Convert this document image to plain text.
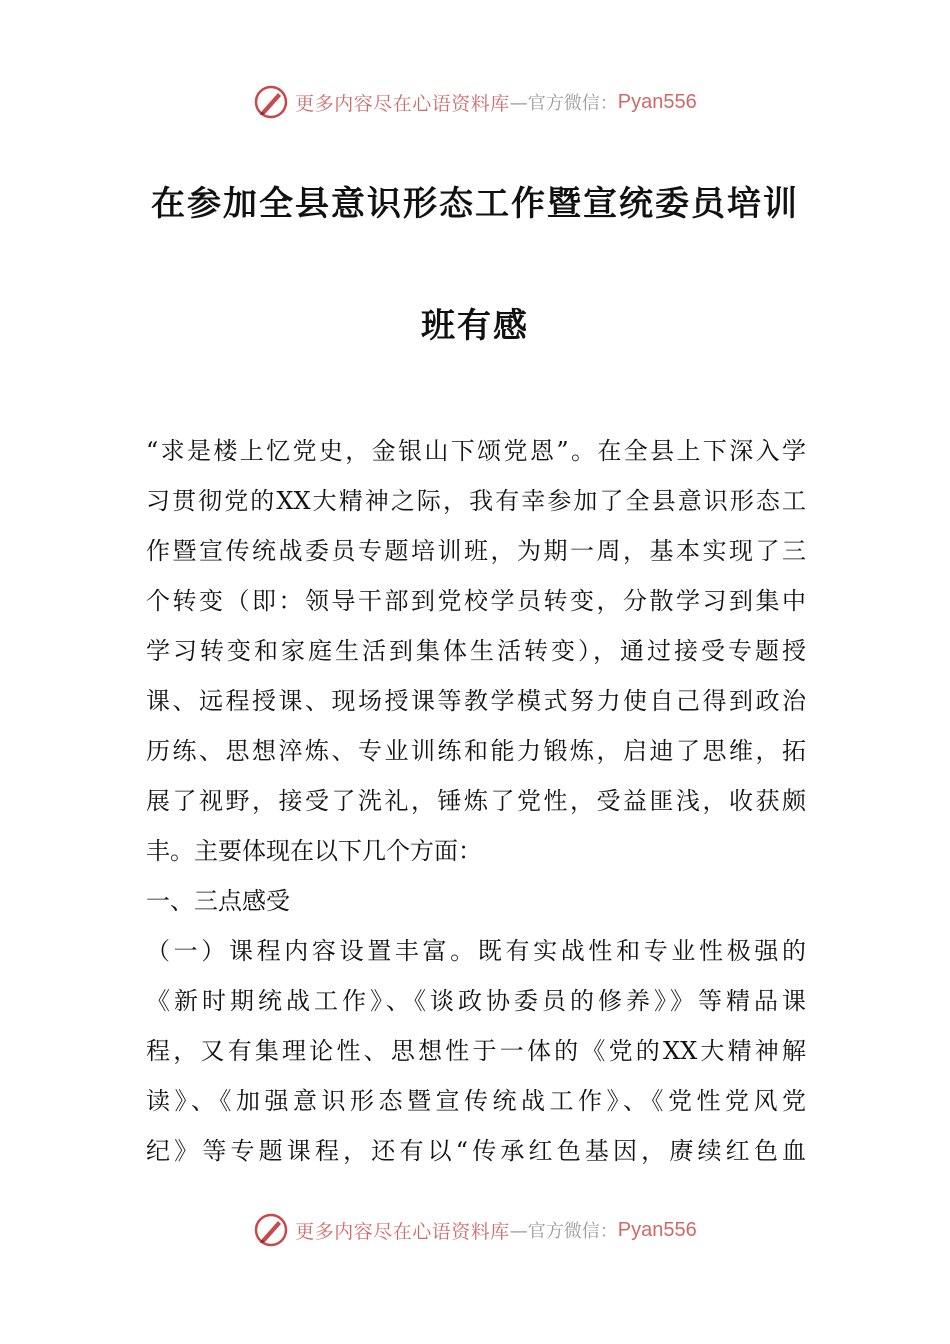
更多内容尽在心语资料库 —官方微信： Pyan556
在参加全县意识形态工作暨宣统委员培训
班有感
“求是楼上忆党史，金银山下颂党恩”。在全县上下深入学
习贯彻党的XX大精神之际，我有幸参加了全县意识形态工
作暨宣传统战委员专题培训班，为期一周，基本实现了三
个转变（即：领导干部到党校学员转变，分散学习到集中
学习转变和家庭生活到集体生活转变），通过接受专题授
课、远程授课、现场授课等教学模式努力使自己得到政治
历练、思想淬炼、专业训练和能力锻炼，启迪了思维，拓
展了视野，接受了洗礼，锤炼了党性，受益匪浅，收获颇
丰。主要体现在以下几个方面：
一、三点感受
（一）课程内容设置丰富。既有实战性和专业性极强的
《新时期统战工作》、《谈政协委员的修养》》等精品课
程，又有集理论性、思想性于一体的《党的XX大精神解
读》、《加强意识形态暨宣传统战工作》、《党性党风党
纪》等专题课程，还有以“传承红色基因，赓续红色血
更多内容尽在心语资料库 —官方微信： Pyan556
